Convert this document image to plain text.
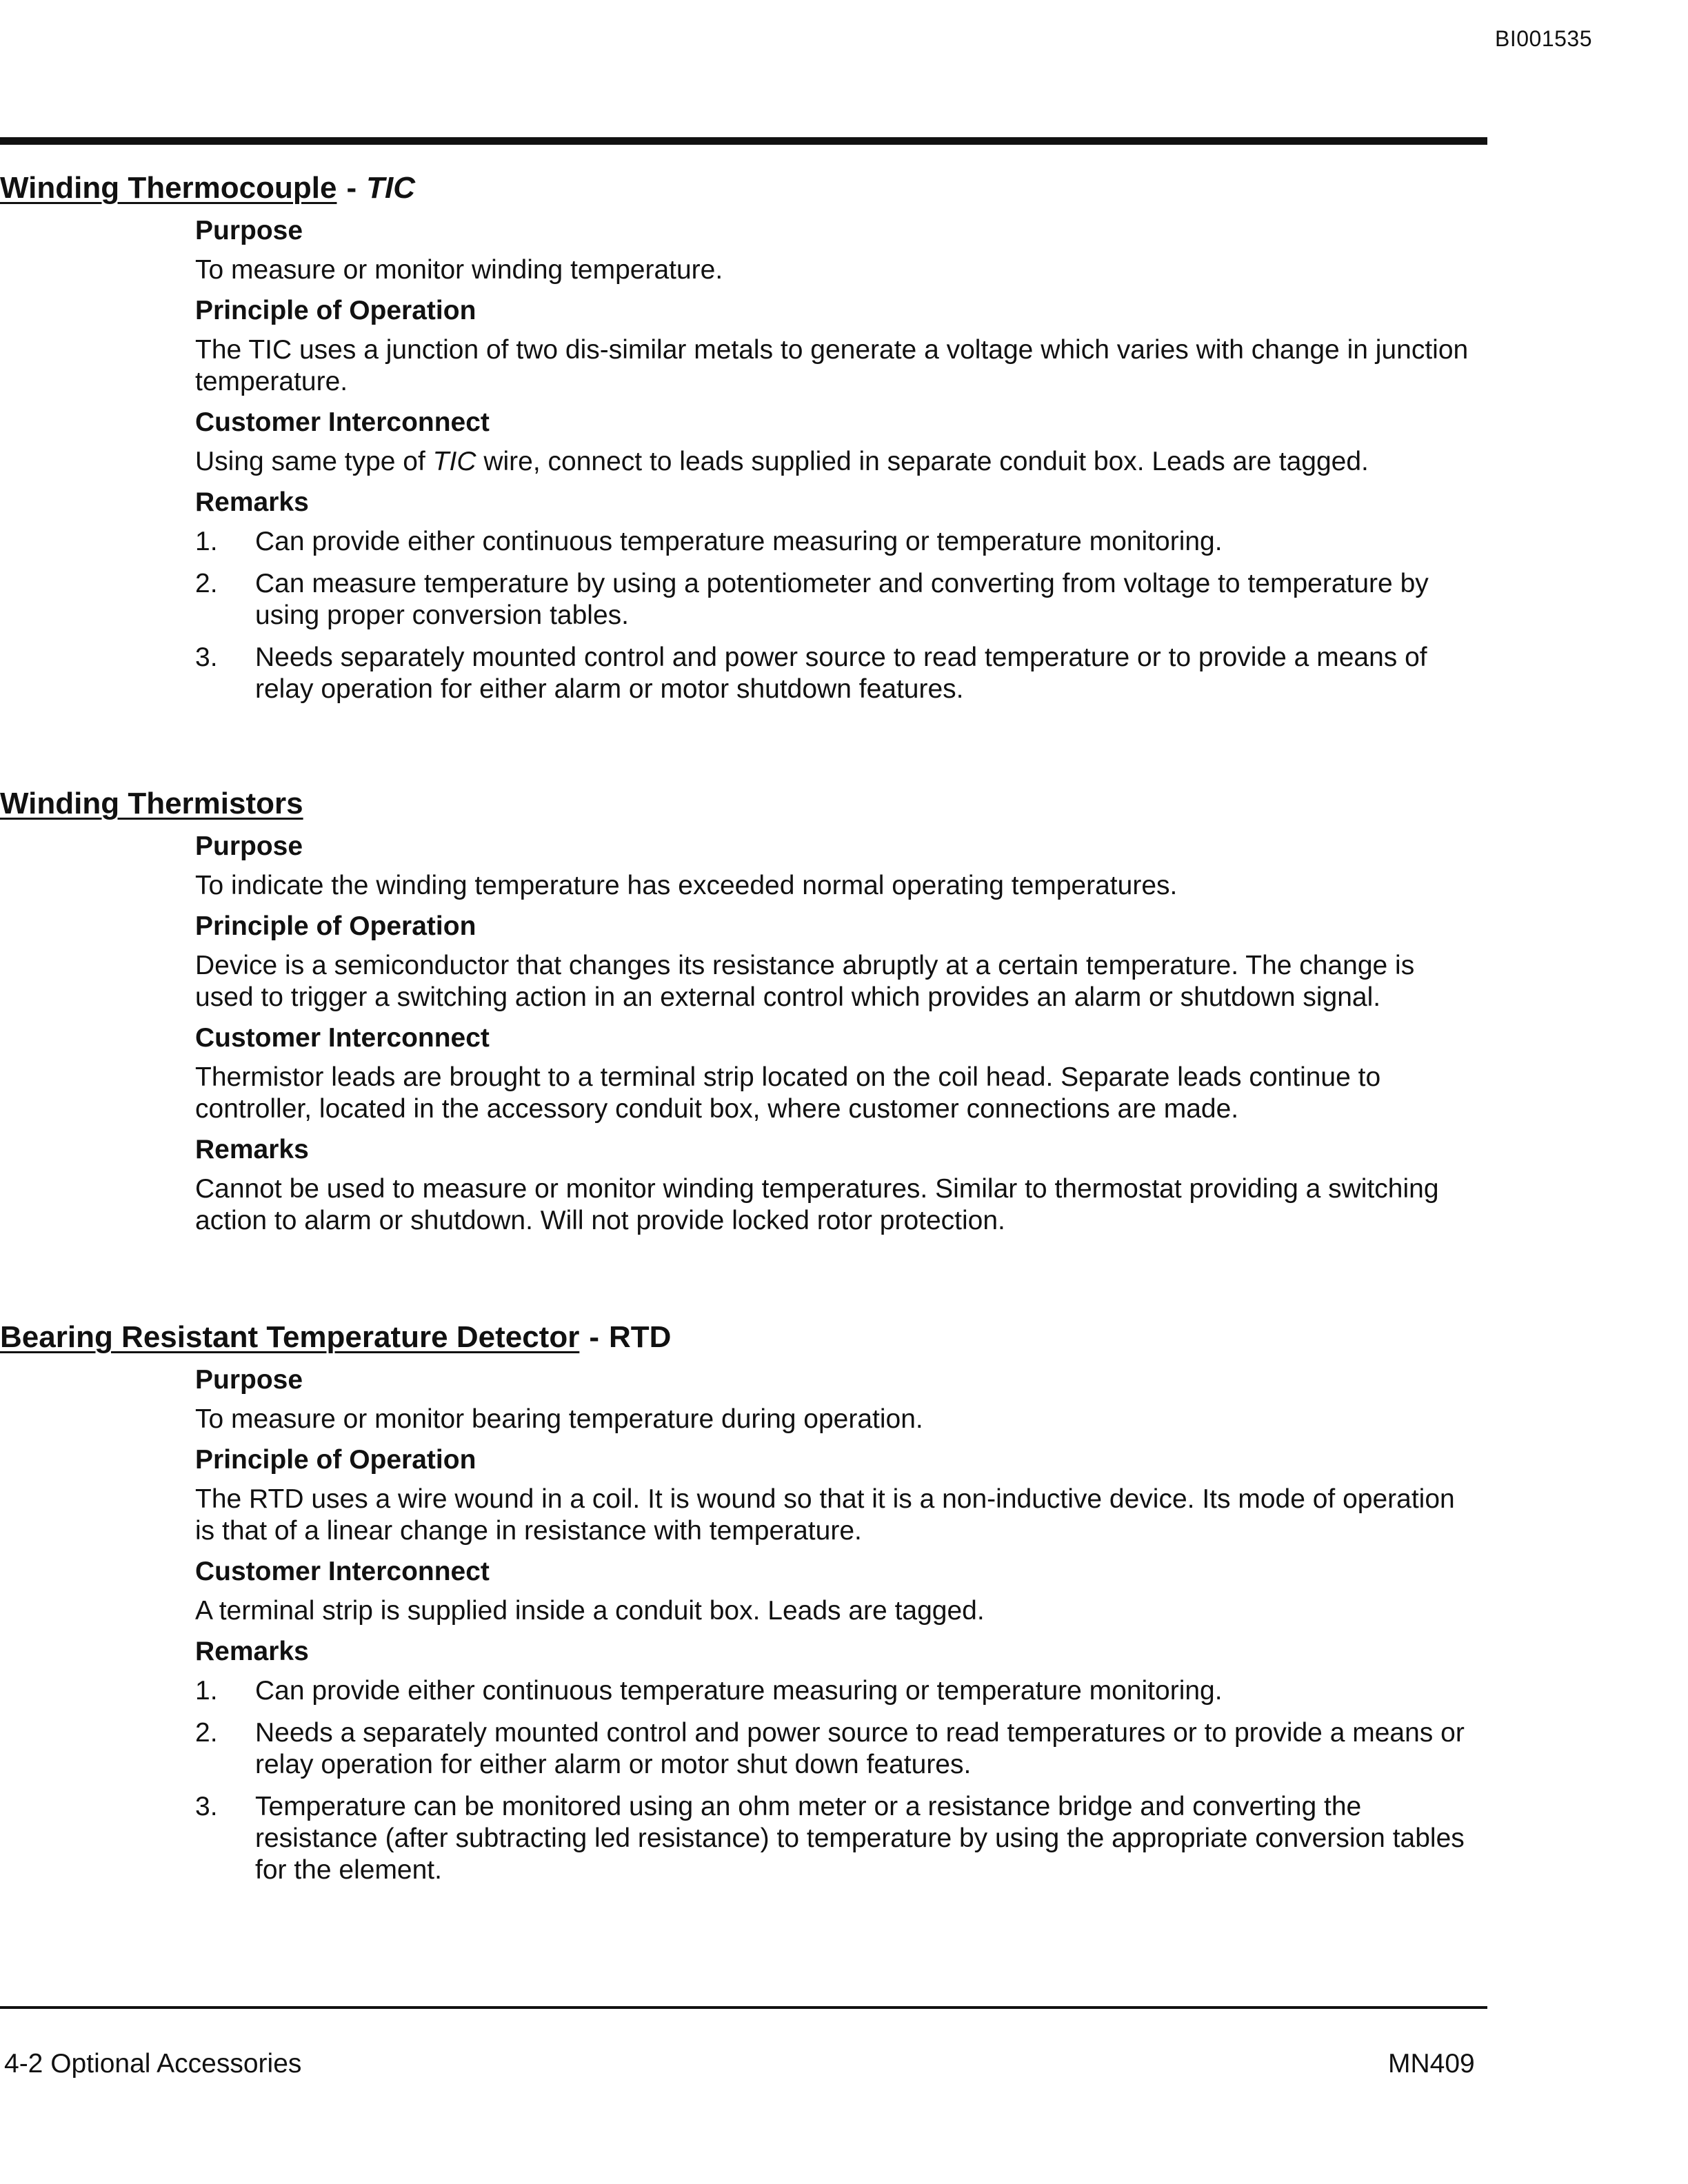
BI001535
Winding Thermocouple - TIC
Purpose
To measure or monitor winding temperature.
Principle of Operation
The TIC uses a junction of two dis-similar metals to generate a voltage which varies with change in junction temperature.
Customer Interconnect
Using same type of TIC wire, connect to leads supplied in separate conduit box. Leads are tagged.
Remarks
1.	Can provide either continuous temperature measuring or temperature monitoring.
2.	Can measure temperature by using a potentiometer and converting from voltage to temperature by using proper conversion tables.
3.	Needs separately mounted control and power source to read temperature or to provide a means of relay operation for either alarm or motor shutdown features.
Winding Thermistors
Purpose
To indicate the winding temperature has exceeded normal operating temperatures.
Principle of Operation
Device is a semiconductor that changes its resistance abruptly at a certain temperature. The change is used to trigger a switching action in an external control which provides an alarm or shutdown signal.
Customer Interconnect
Thermistor leads are brought to a terminal strip located on the coil head. Separate leads continue to controller, located in the accessory conduit box, where customer connections are made.
Remarks
Cannot be used to measure or monitor winding temperatures. Similar to thermostat providing a switching action to alarm or shutdown. Will not provide locked rotor protection.
Bearing Resistant Temperature Detector - RTD
Purpose
To measure or monitor bearing temperature during operation.
Principle of Operation
The RTD uses a wire wound in a coil. It is wound so that it is a non-inductive device. Its mode of operation is that of a linear change in resistance with temperature.
Customer Interconnect
A terminal strip is supplied inside a conduit box. Leads are tagged.
Remarks
1.	Can provide either continuous temperature measuring or temperature monitoring.
2.	Needs a separately mounted control and power source to read temperatures or to provide a means or relay operation for either alarm or motor shut down features.
3.	Temperature can be monitored using an ohm meter or a resistance bridge and converting the resistance (after subtracting led resistance) to temperature by using the appropriate conversion tables for the element.
4-2 Optional Accessories	MN409
